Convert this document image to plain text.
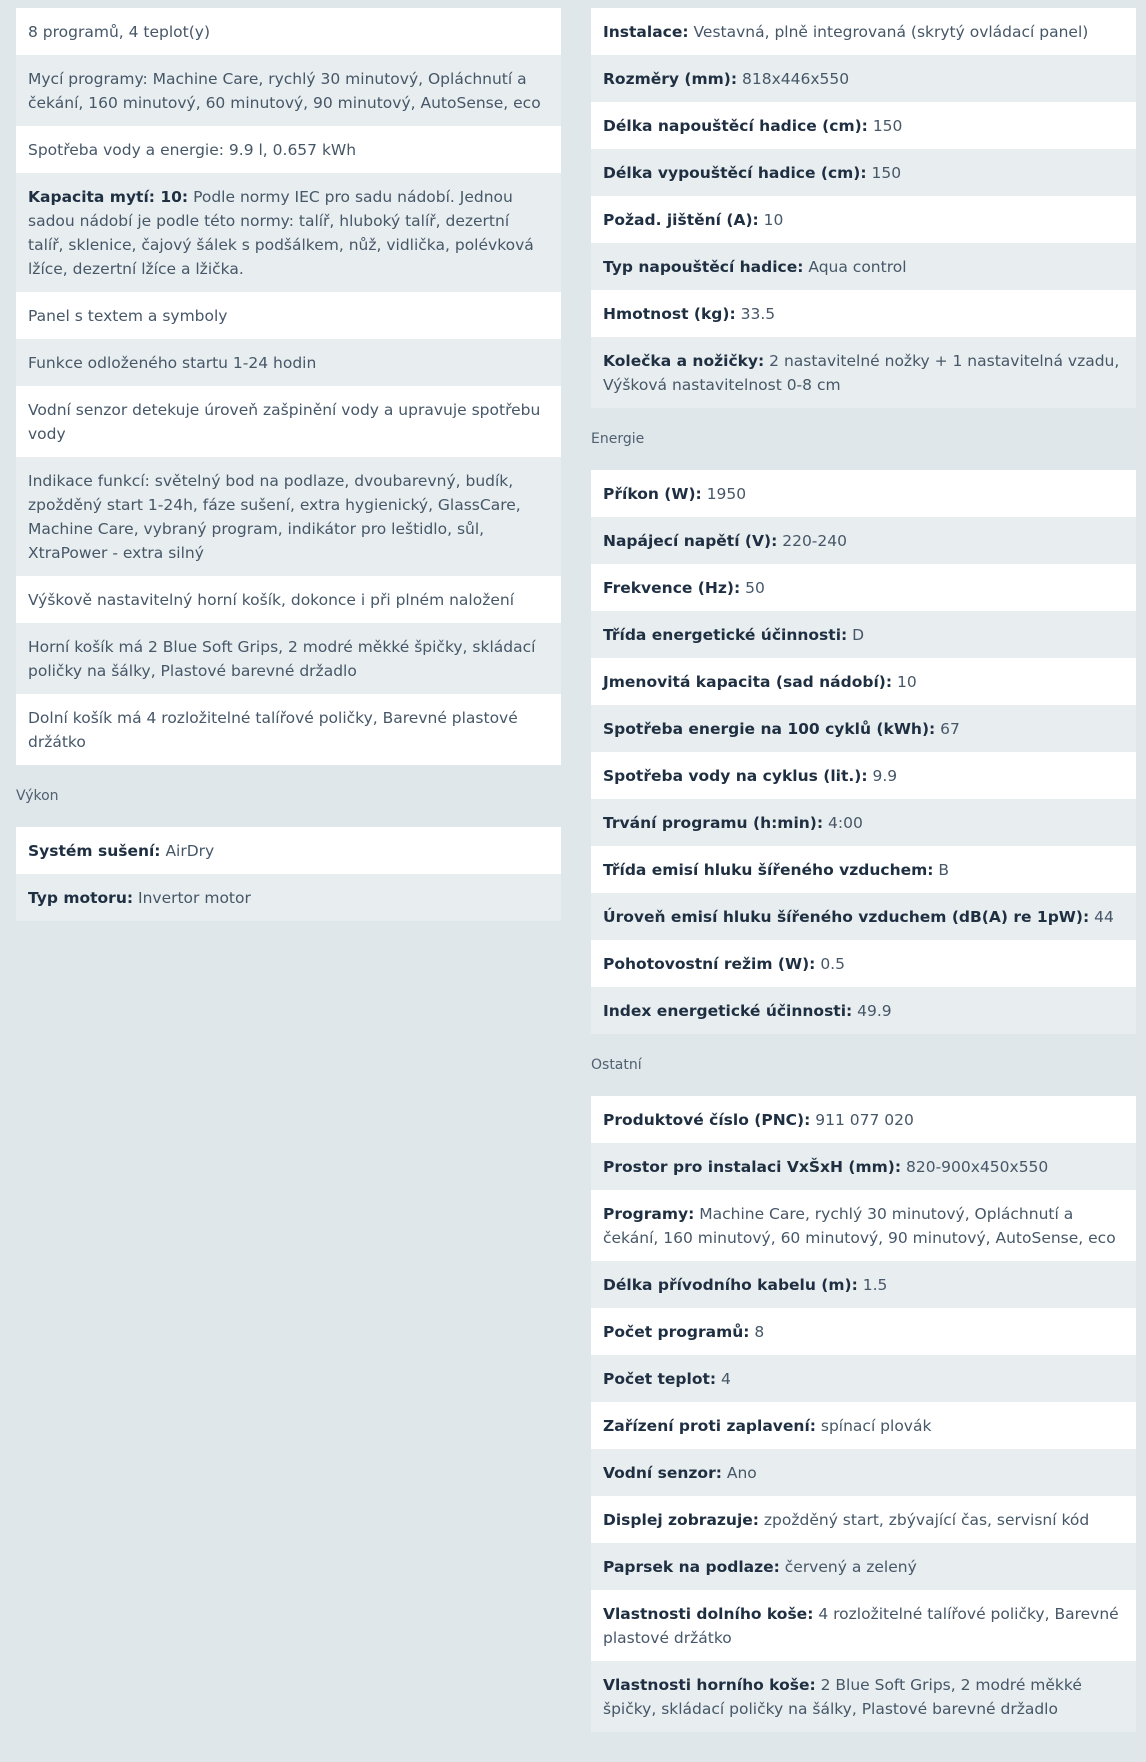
8 programů, 4 teplot(y)
Mycí programy: Machine Care, rychlý 30 minutový, Opláchnutí a čekání, 160 minutový, 60 minutový, 90 minutový, AutoSense, eco
Spotřeba vody a energie: 9.9 l, 0.657 kWh
Kapacita mytí: 10: Podle normy IEC pro sadu nádobí. Jednou sadou nádobí je podle této normy: talíř, hluboký talíř, dezertní talíř, sklenice, čajový šálek s podšálkem, nůž, vidlička, polévková lžíce, dezertní lžíce a lžička.
Panel s textem a symboly
Funkce odloženého startu 1-24 hodin
Vodní senzor detekuje úroveň zašpinění vody a upravuje spotřebu vody
Indikace funkcí: světelný bod na podlaze, dvoubarevný, budík, zpožděný start 1-24h, fáze sušení, extra hygienický, GlassCare, Machine Care, vybraný program, indikátor pro leštidlo, sůl, XtraPower - extra silný
Výškově nastavitelný horní košík, dokonce i při plném naložení
Horní košík má 2 Blue Soft Grips, 2 modré měkké špičky, skládací poličky na šálky, Plastové barevné držadlo
Dolní košík má 4 rozložitelné talířové poličky, Barevné plastové držátko
Výkon
Systém sušení: AirDry
Typ motoru: Invertor motor
Instalace: Vestavná, plně integrovaná (skrytý ovládací panel)
Rozměry (mm): 818x446x550
Délka napouštěcí hadice (cm): 150
Délka vypouštěcí hadice (cm): 150
Požad. jištění (A): 10
Typ napouštěcí hadice: Aqua control
Hmotnost (kg): 33.5
Kolečka a nožičky: 2 nastavitelné nožky + 1 nastavitelná vzadu, Výšková nastavitelnost 0-8 cm
Energie
Příkon (W): 1950
Napájecí napětí (V): 220-240
Frekvence (Hz): 50
Třída energetické účinnosti: D
Jmenovitá kapacita (sad nádobí): 10
Spotřeba energie na 100 cyklů (kWh): 67
Spotřeba vody na cyklus (lit.): 9.9
Trvání programu (h:min): 4:00
Třída emisí hluku šířeného vzduchem: B
Úroveň emisí hluku šířeného vzduchem (dB(A) re 1pW): 44
Pohotovostní režim (W): 0.5
Index energetické účinnosti: 49.9
Ostatní
Produktové číslo (PNC): 911 077 020
Prostor pro instalaci VxŠxH (mm): 820-900x450x550
Programy: Machine Care, rychlý 30 minutový, Opláchnutí a čekání, 160 minutový, 60 minutový, 90 minutový, AutoSense, eco
Délka přívodního kabelu (m): 1.5
Počet programů: 8
Počet teplot: 4
Zařízení proti zaplavení: spínací plovák
Vodní senzor: Ano
Displej zobrazuje: zpožděný start, zbývající čas, servisní kód
Paprsek na podlaze: červený a zelený
Vlastnosti dolního koše: 4 rozložitelné talířové poličky, Barevné plastové držátko
Vlastnosti horního koše: 2 Blue Soft Grips, 2 modré měkké špičky, skládací poličky na šálky, Plastové barevné držadlo
